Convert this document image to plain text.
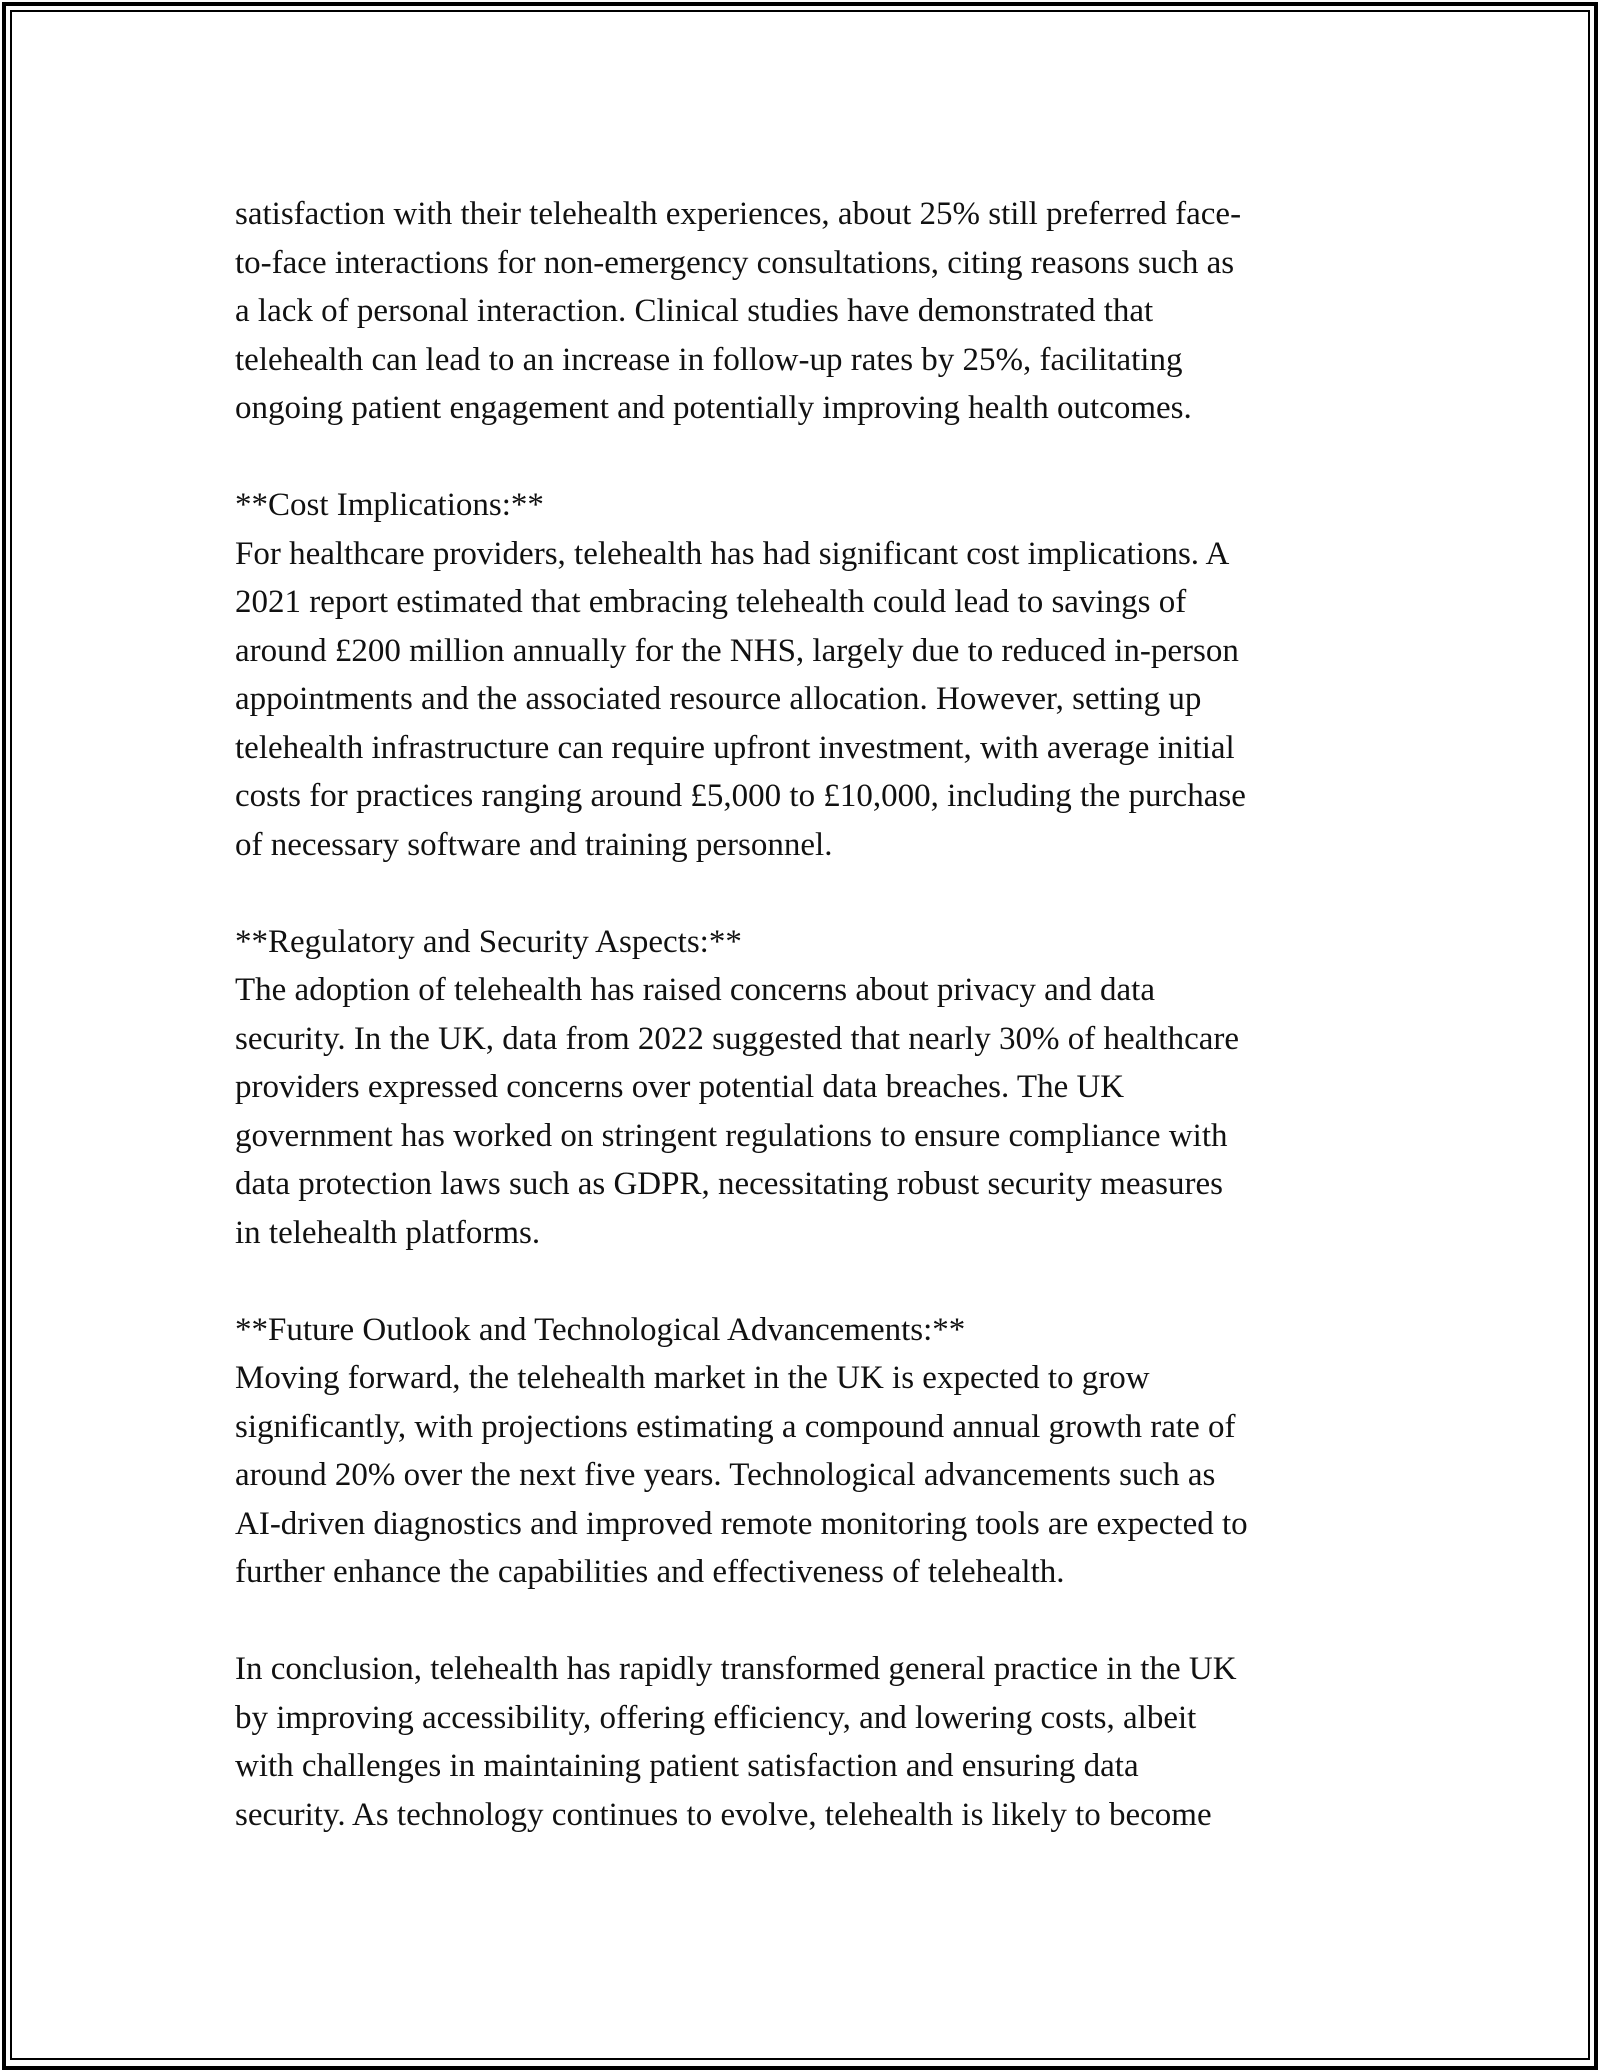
satisfaction with their telehealth experiences, about 25% still preferred face-
to-face interactions for non-emergency consultations, citing reasons such as
a lack of personal interaction. Clinical studies have demonstrated that
telehealth can lead to an increase in follow-up rates by 25%, facilitating
ongoing patient engagement and potentially improving health outcomes.
**Cost Implications:**
For healthcare providers, telehealth has had significant cost implications. A
2021 report estimated that embracing telehealth could lead to savings of
around £200 million annually for the NHS, largely due to reduced in-person
appointments and the associated resource allocation. However, setting up
telehealth infrastructure can require upfront investment, with average initial
costs for practices ranging around £5,000 to £10,000, including the purchase
of necessary software and training personnel.
**Regulatory and Security Aspects:**
The adoption of telehealth has raised concerns about privacy and data
security. In the UK, data from 2022 suggested that nearly 30% of healthcare
providers expressed concerns over potential data breaches. The UK
government has worked on stringent regulations to ensure compliance with
data protection laws such as GDPR, necessitating robust security measures
in telehealth platforms.
**Future Outlook and Technological Advancements:**
Moving forward, the telehealth market in the UK is expected to grow
significantly, with projections estimating a compound annual growth rate of
around 20% over the next five years. Technological advancements such as
AI-driven diagnostics and improved remote monitoring tools are expected to
further enhance the capabilities and effectiveness of telehealth.
In conclusion, telehealth has rapidly transformed general practice in the UK
by improving accessibility, offering efficiency, and lowering costs, albeit
with challenges in maintaining patient satisfaction and ensuring data
security. As technology continues to evolve, telehealth is likely to become
